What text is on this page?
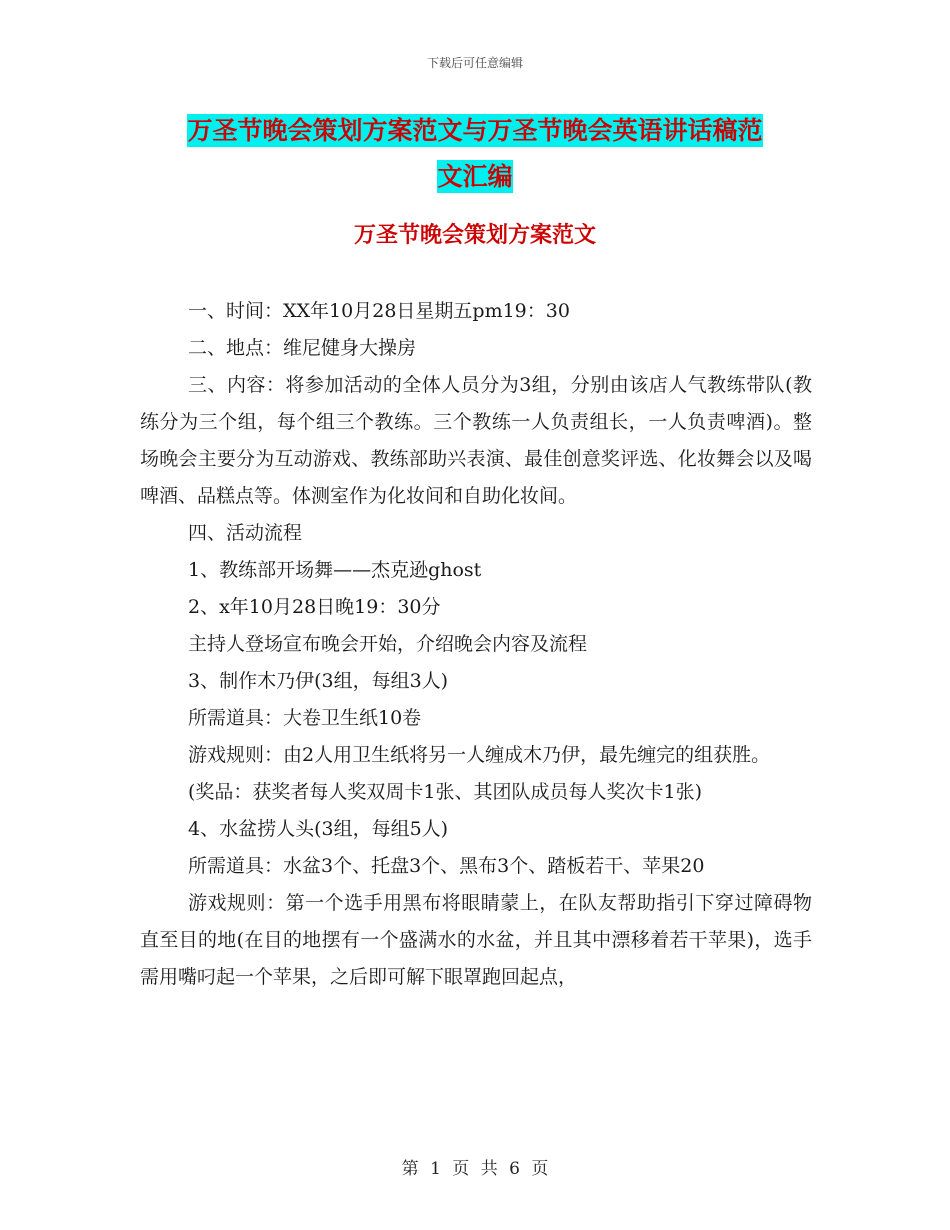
下载后可任意编辑
万圣节晚会策划方案范文与万圣节晚会英语讲话稿范
文汇编
万圣节晚会策划方案范文

一、时间：XX年10月28日星期五pm19：30

二、地点：维尼健身大操房

三、内容：将参加活动的全体人员分为3组，分别由该店人气教练带队(教练分为三个组，每个组三个教练。三个教练一人负责组长，一人负责啤酒)。整场晚会主要分为互动游戏、教练部助兴表演、最佳创意奖评选、化妆舞会以及喝啤酒、品糕点等。体测室作为化妆间和自助化妆间。

四、活动流程

1、教练部开场舞——杰克逊ghost

2、x年10月28日晚19：30分

主持人登场宣布晚会开始，介绍晚会内容及流程

3、制作木乃伊(3组，每组3人)

所需道具：大卷卫生纸10卷

游戏规则：由2人用卫生纸将另一人缠成木乃伊，最先缠完的组获胜。

(奖品：获奖者每人奖双周卡1张、其团队成员每人奖次卡1张)

4、水盆捞人头(3组，每组5人)

所需道具：水盆3个、托盘3个、黑布3个、踏板若干、苹果20

游戏规则：第一个选手用黑布将眼睛蒙上，在队友帮助指引下穿过障碍物直至目的地(在目的地摆有一个盛满水的水盆，并且其中漂移着若干苹果)，选手需用嘴叼起一个苹果，之后即可解下眼罩跑回起点，

第 1 页 共 6 页
